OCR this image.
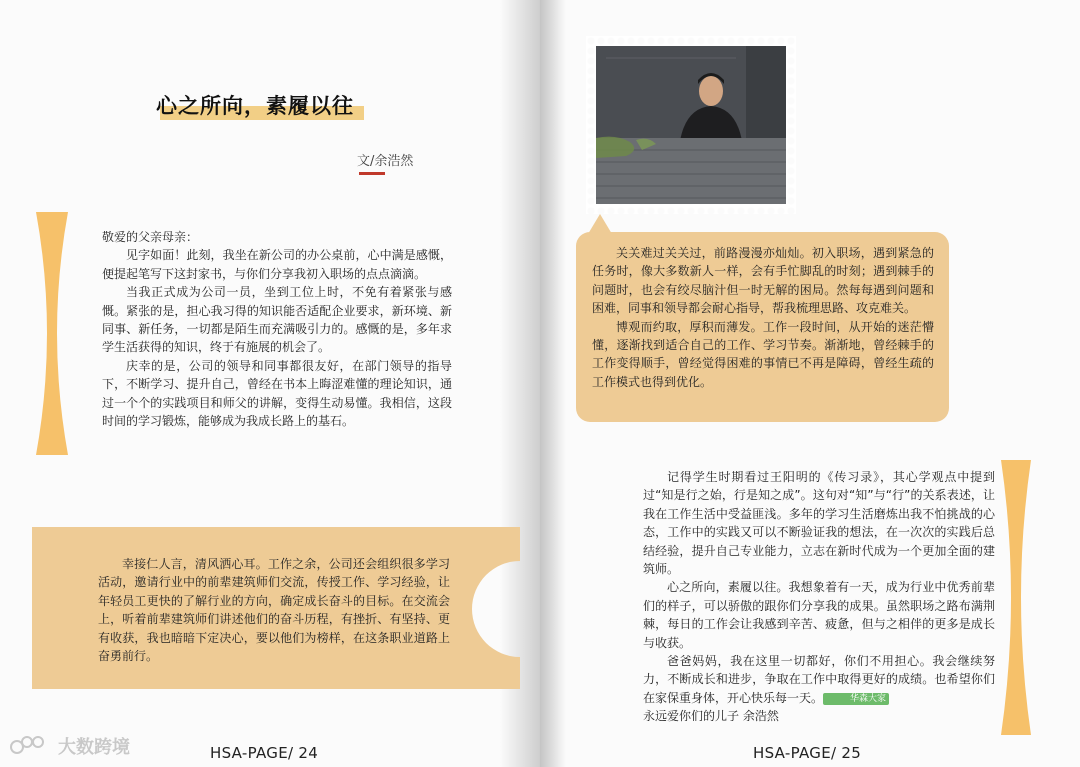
心之所向，素履以往
文/余浩然

敬爱的父亲母亲：

见字如面！此刻，我坐在新公司的办公桌前，心中满是感慨，便提起笔写下这封家书，与你们分享我初入职场的点点滴滴。

当我正式成为公司一员，坐到工位上时，不免有着紧张与感慨。紧张的是，担心我习得的知识能否适配企业要求，新环境、新同事、新任务，一切都是陌生而充满吸引力的。感慨的是，多年求学生活获得的知识，终于有施展的机会了。

庆幸的是，公司的领导和同事都很友好，在部门领导的指导下，不断学习、提升自己，曾经在书本上晦涩难懂的理论知识，通过一个个的实践项目和师父的讲解，变得生动易懂。我相信，这段时间的学习锻炼，能够成为我成长路上的基石。

幸接仁人言，清风洒心耳。工作之余，公司还会组织很多学习活动，邀请行业中的前辈建筑师们交流，传授工作、学习经验，让年轻员工更快的了解行业的方向，确定成长奋斗的目标。在交流会上，听着前辈建筑师们讲述他们的奋斗历程，有挫折、有坚持、更有收获，我也暗暗下定决心，要以他们为榜样，在这条职业道路上奋勇前行。

大数跨境	HSA-PAGE/ 24

关关难过关关过，前路漫漫亦灿灿。初入职场，遇到紧急的任务时，像大多数新人一样，会有手忙脚乱的时刻；遇到棘手的问题时，也会有绞尽脑汁但一时无解的困局。然每每遇到问题和困难，同事和领导都会耐心指导，帮我梳理思路、攻克难关。

博观而约取，厚积而薄发。工作一段时间，从开始的迷茫懵懂，逐渐找到适合自己的工作、学习节奏。渐渐地，曾经棘手的工作变得顺手，曾经觉得困难的事情已不再是障碍，曾经生疏的工作模式也得到优化。

记得学生时期看过王阳明的《传习录》，其心学观点中提到过“知是行之始，行是知之成”。这句对“知”与“行”的关系表述，让我在工作生活中受益匪浅。多年的学习生活磨炼出我不怕挑战的心态，工作中的实践又可以不断验证我的想法，在一次次的实践后总结经验，提升自己专业能力，立志在新时代成为一个更加全面的建筑师。

心之所向，素履以往。我想象着有一天，成为行业中优秀前辈们的样子，可以骄傲的跟你们分享我的成果。虽然职场之路布满荆棘，每日的工作会让我感到辛苦、疲惫，但与之相伴的更多是成长与收获。

爸爸妈妈，我在这里一切都好，你们不用担心。我会继续努力，不断成长和进步，争取在工作中取得更好的成绩。也希望你们在家保重身体，开心快乐每一天。	华森大家

永远爱你们的儿子 余浩然

HSA-PAGE/ 25
